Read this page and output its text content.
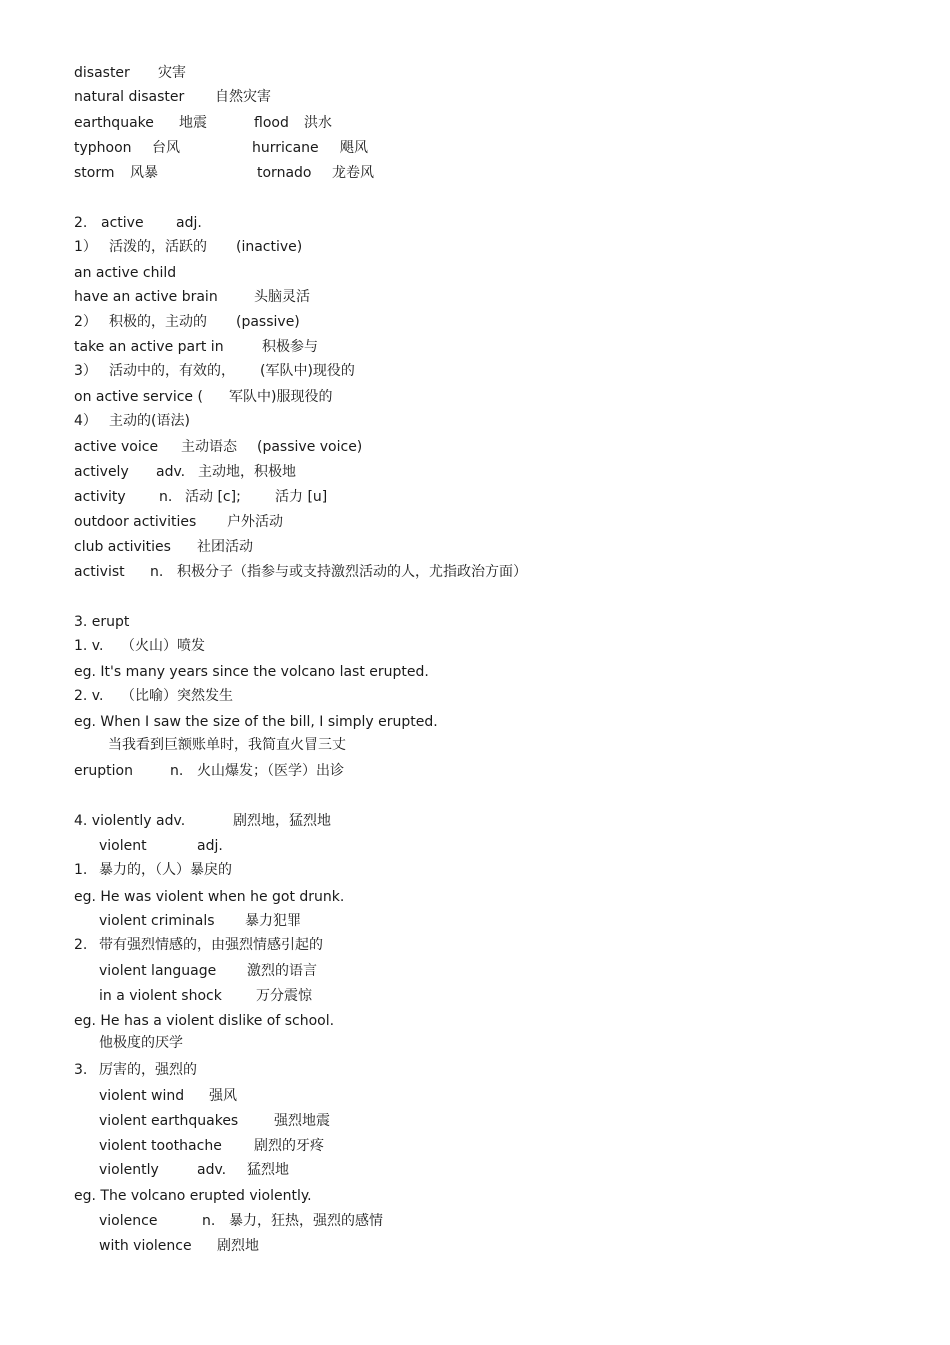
disaster 灾害
natural disaster 自然灾害
earthquake 地震	flood 洪水
typhoon 台风	hurricane 飓风
storm 风暴	tornado 龙卷风
2. active adj.
1） 活泼的，活跃的 (inactive)
an active child
have an active brain	头脑灵活
2） 积极的，主动的 (passive)
take an active part in	积极参与
3） 活动中的，有效的， (军队中)现役的
on active service ( 军队中)服现役的
4） 主动的(语法)
active voice 主动语态 (passive voice)
actively adv. 主动地，积极地
activity n. 活动 [c]; 活力 [u]
outdoor activities 户外活动
club activities 社团活动
activist n. 积极分子（指参与或支持激烈活动的人，尤指政治方面）
3. erupt
1. v. （火山）喷发
eg. It's many years since the volcano last erupted.
2. v. （比喻）突然发生
eg. When I saw the size of the bill, I simply erupted.
当我看到巨额账单时，我简直火冒三丈
eruption	n. 火山爆发；（医学）出诊
4. violently adv.	剧烈地，猛烈地
violent	adj.
1. 暴力的，（人）暴戾的
eg. He was violent when he got drunk.
violent criminals 暴力犯罪
2. 带有强烈情感的，由强烈情感引起的
violent language 激烈的语言
in a violent shock 万分震惊
eg. He has a violent dislike of school.
他极度的厌学
3. 厉害的，强烈的
violent wind 强风
violent earthquakes	强烈地震
violent toothache 剧烈的牙疼
violently	adv. 猛烈地
eg. The volcano erupted violently.
violence	n. 暴力，狂热，强烈的感情
with violence 剧烈地
